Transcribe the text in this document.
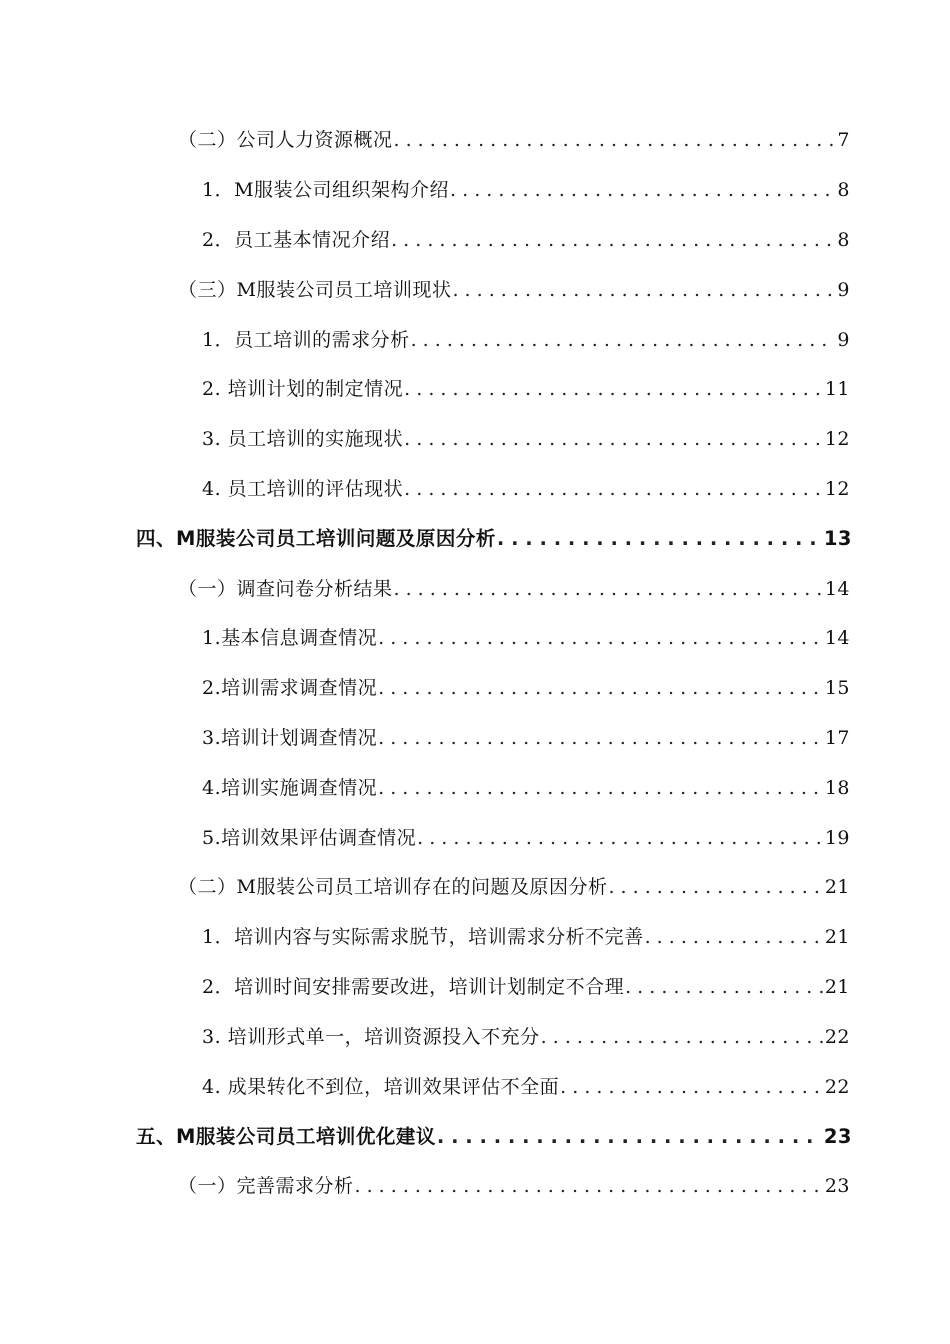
（二）公司人力资源概况 . . .	7
1．M服装公司组织架构介绍 . . .	8
2．员工基本情况介绍 . . .	8
（三）M服装公司员工培训现状 . . .	9
1．员工培训的需求分析 . . .	9
2. 培训计划的制定情况 . . .	11
3. 员工培训的实施现状 . . .	12
4. 员工培训的评估现状 . . .	12
四、M服装公司员工培训问题及原因分析 . . .	13
（一）调查问卷分析结果 . . .	14
1.基本信息调查情况 . . .	14
2.培训需求调查情况 . . .	15
3.培训计划调查情况 . . .	17
4.培训实施调查情况 . . .	18
5.培训效果评估调查情况 . . .	19
（二）M服装公司员工培训存在的问题及原因分析 . . .	21
1．培训内容与实际需求脱节，培训需求分析不完善 . . .	21
2．培训时间安排需要改进，培训计划制定不合理 . . .	21
3. 培训形式单一，培训资源投入不充分 . . .	22
4. 成果转化不到位，培训效果评估不全面 . . .	22
五、M服装公司员工培训优化建议 . . .	23
（一）完善需求分析 . . .	23
